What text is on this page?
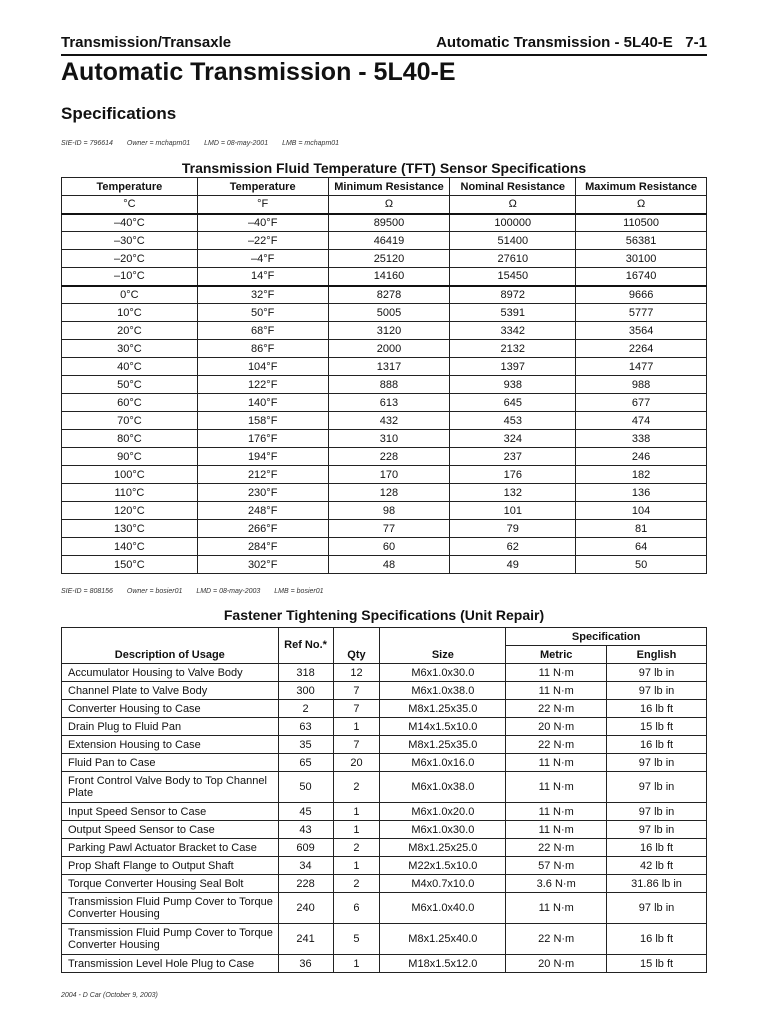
Transmission/Transaxle	Automatic Transmission - 5L40-E   7-1
Automatic Transmission - 5L40-E
Specifications
SIE-ID = 796614 Owner = mchapm01 LMD = 08-may-2001 LMB = mchapm01
Transmission Fluid Temperature (TFT) Sensor Specifications
Temperature	Temperature	Minimum Resistance	Nominal Resistance	Maximum Resistance
°C	°F	Ω	Ω	Ω
–40°C	–40°F	89500	100000	110500
–30°C	–22°F	46419	51400	56381
–20°C	–4°F	25120	27610	30100
–10°C	14°F	14160	15450	16740
0°C	32°F	8278	8972	9666
10°C	50°F	5005	5391	5777
20°C	68°F	3120	3342	3564
30°C	86°F	2000	2132	2264
40°C	104°F	1317	1397	1477
50°C	122°F	888	938	988
60°C	140°F	613	645	677
70°C	158°F	432	453	474
80°C	176°F	310	324	338
90°C	194°F	228	237	246
100°C	212°F	170	176	182
110°C	230°F	128	132	136
120°C	248°F	98	101	104
130°C	266°F	77	79	81
140°C	284°F	60	62	64
150°C	302°F	48	49	50
SIE-ID = 808156 Owner = bosier01 LMD = 08-may-2003 LMB = bosier01
Fastener Tightening Specifications (Unit Repair)
Description of Usage	Ref No.*	Qty	Size	Specification	
				Metric	English
Accumulator Housing to Valve Body	318	12	M6x1.0x30.0	11 N·m	97 lb in
Channel Plate to Valve Body	300	7	M6x1.0x38.0	11 N·m	97 lb in
Converter Housing to Case	2	7	M8x1.25x35.0	22 N·m	16 lb ft
Drain Plug to Fluid Pan	63	1	M14x1.5x10.0	20 N·m	15 lb ft
Extension Housing to Case	35	7	M8x1.25x35.0	22 N·m	16 lb ft
Fluid Pan to Case	65	20	M6x1.0x16.0	11 N·m	97 lb in
Front Control Valve Body to Top Channel Plate	50	2	M6x1.0x38.0	11 N·m	97 lb in
Input Speed Sensor to Case	45	1	M6x1.0x20.0	11 N·m	97 lb in
Output Speed Sensor to Case	43	1	M6x1.0x30.0	11 N·m	97 lb in
Parking Pawl Actuator Bracket to Case	609	2	M8x1.25x25.0	22 N·m	16 lb ft
Prop Shaft Flange to Output Shaft	34	1	M22x1.5x10.0	57 N·m	42 lb ft
Torque Converter Housing Seal Bolt	228	2	M4x0.7x10.0	3.6 N·m	31.86 lb in
Transmission Fluid Pump Cover to Torque Converter Housing	240	6	M6x1.0x40.0	11 N·m	97 lb in
Transmission Fluid Pump Cover to Torque Converter Housing	241	5	M8x1.25x40.0	22 N·m	16 lb ft
Transmission Level Hole Plug to Case	36	1	M18x1.5x12.0	20 N·m	15 lb ft
2004 - D Car (October 9, 2003)
